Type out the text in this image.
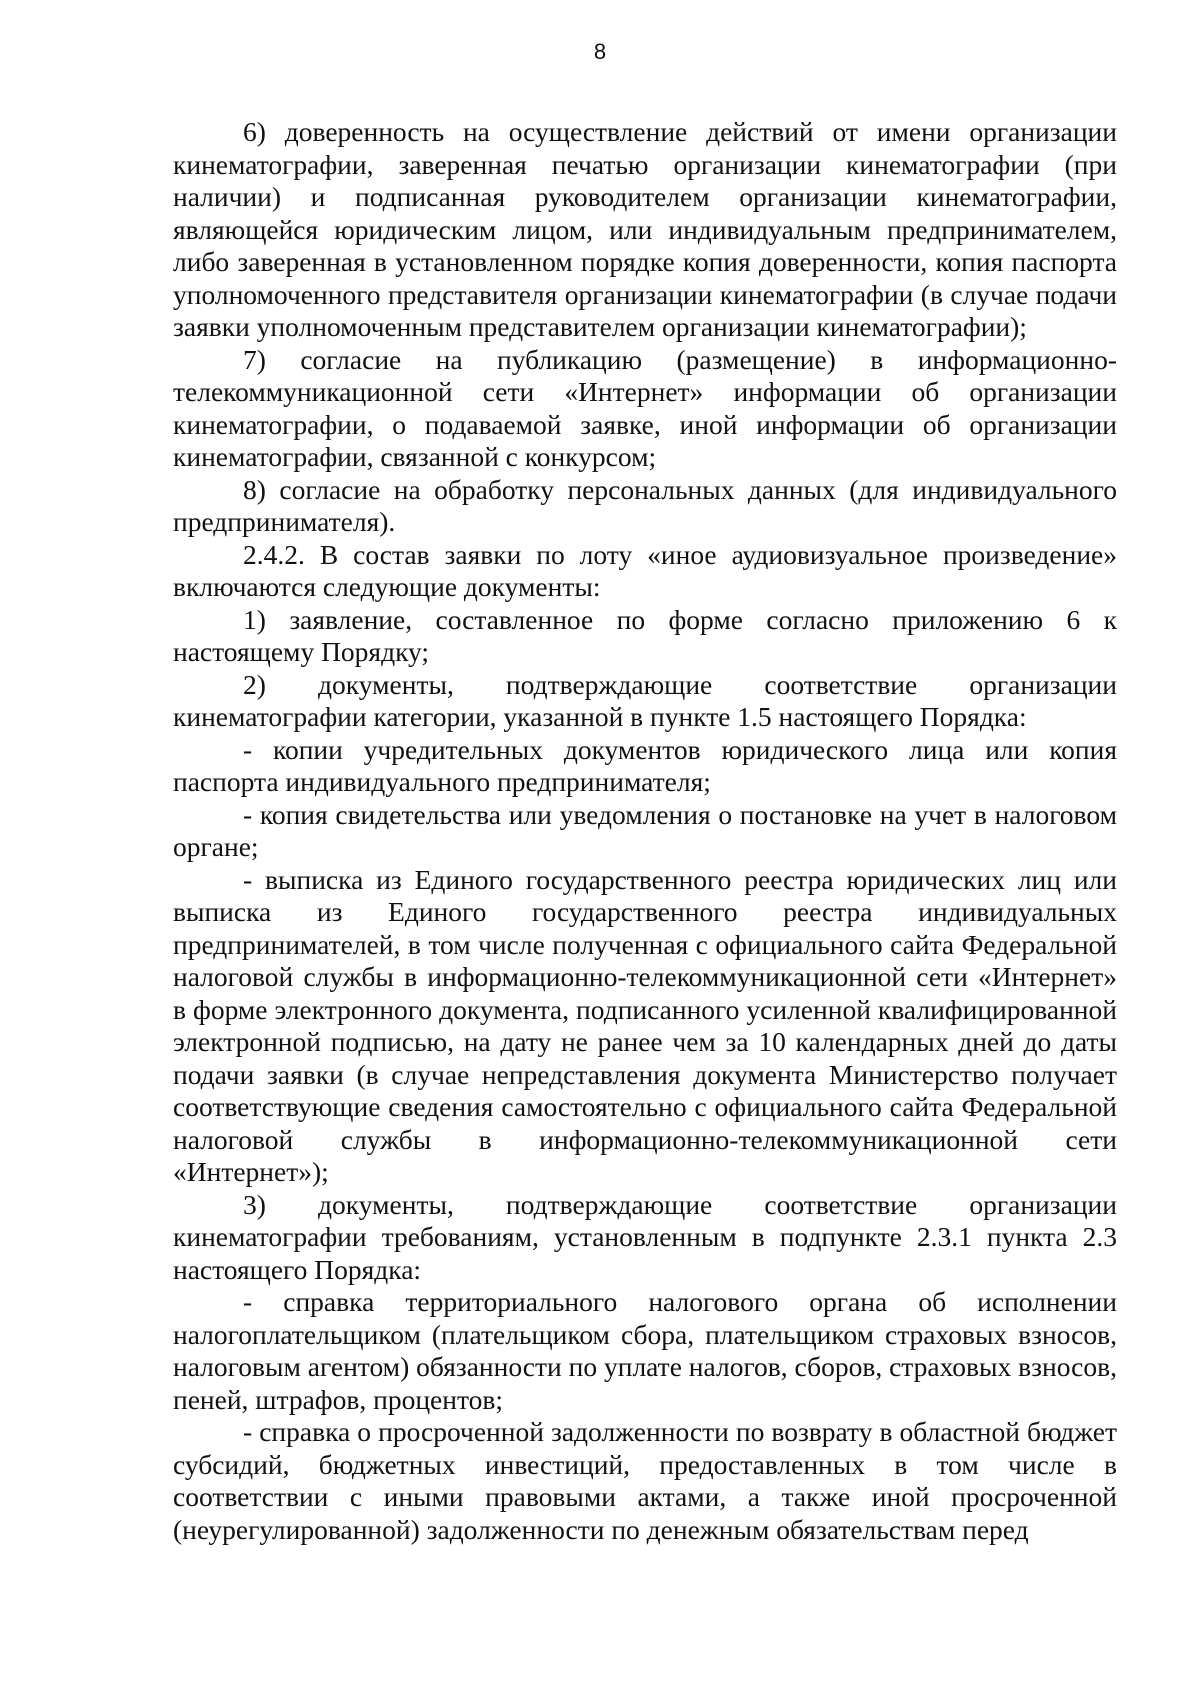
8

6) доверенность на осуществление действий от имени организации кинематографии, заверенная печатью организации кинематографии (при наличии) и подписанная руководителем организации кинематографии, являющейся юридическим лицом, или индивидуальным предпринимателем, либо заверенная в установленном порядке копия доверенности, копия паспорта уполномоченного представителя организации кинематографии (в случае подачи заявки уполномоченным представителем организации кинематографии);

7) согласие на публикацию (размещение) в информационно-телекоммуникационной сети «Интернет» информации об организации кинематографии, о подаваемой заявке, иной информации об организации кинематографии, связанной с конкурсом;

8) согласие на обработку персональных данных (для индивидуального предпринимателя).

2.4.2. В состав заявки по лоту «иное аудиовизуальное произведение» включаются следующие документы:

1) заявление, составленное по форме согласно приложению 6 к настоящему Порядку;

2) документы, подтверждающие соответствие организации кинематографии категории, указанной в пункте 1.5 настоящего Порядка:

- копии учредительных документов юридического лица или копия паспорта индивидуального предпринимателя;

- копия свидетельства или уведомления о постановке на учет в налоговом органе;

- выписка из Единого государственного реестра юридических лиц или выписка из Единого государственного реестра индивидуальных предпринимателей, в том числе полученная с официального сайта Федеральной налоговой службы в информационно-телекоммуникационной сети «Интернет» в форме электронного документа, подписанного усиленной квалифицированной электронной подписью, на дату не ранее чем за 10 календарных дней до даты подачи заявки (в случае непредставления документа Министерство получает соответствующие сведения самостоятельно с официального сайта Федеральной налоговой службы в информационно-телекоммуникационной сети «Интернет»);

3) документы, подтверждающие соответствие организации кинематографии требованиям, установленным в подпункте 2.3.1 пункта 2.3 настоящего Порядка:

- справка территориального налогового органа об исполнении налогоплательщиком (плательщиком сбора, плательщиком страховых взносов, налоговым агентом) обязанности по уплате налогов, сборов, страховых взносов, пеней, штрафов, процентов;

- справка о просроченной задолженности по возврату в областной бюджет субсидий, бюджетных инвестиций, предоставленных в том числе в соответствии с иными правовыми актами, а также иной просроченной (неурегулированной) задолженности по денежным обязательствам перед
